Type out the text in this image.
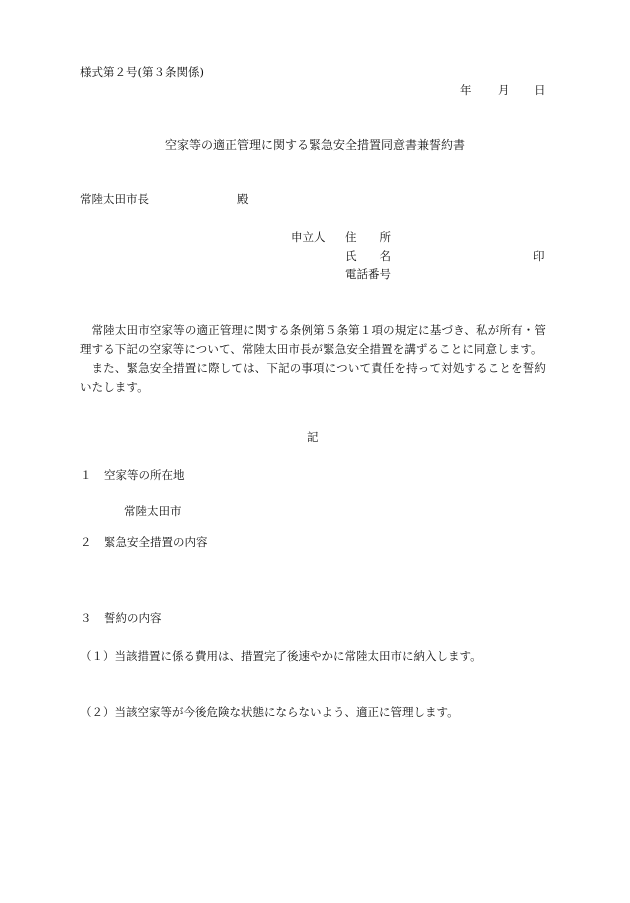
様式第２号(第３条関係)
年 月 日
空家等の適正管理に関する緊急安全措置同意書兼誓約書
常陸太田市長	殿
申立人 住　　所
氏　　名
電話番号
印

常陸太田市空家等の適正管理に関する条例第５条第１項の規定に基づき、私が所有・管理する下記の空家等について、常陸太田市長が緊急安全措置を講ずることに同意します。

また、緊急安全措置に際しては、下記の事項について責任を持って対処することを誓約いたします。

記
１ 空家等の所在地
常陸太田市
２ 緊急安全措置の内容
３ 誓約の内容
（１）当該措置に係る費用は、措置完了後速やかに常陸太田市に納入します。
（２）当該空家等が今後危険な状態にならないよう、適正に管理します。
